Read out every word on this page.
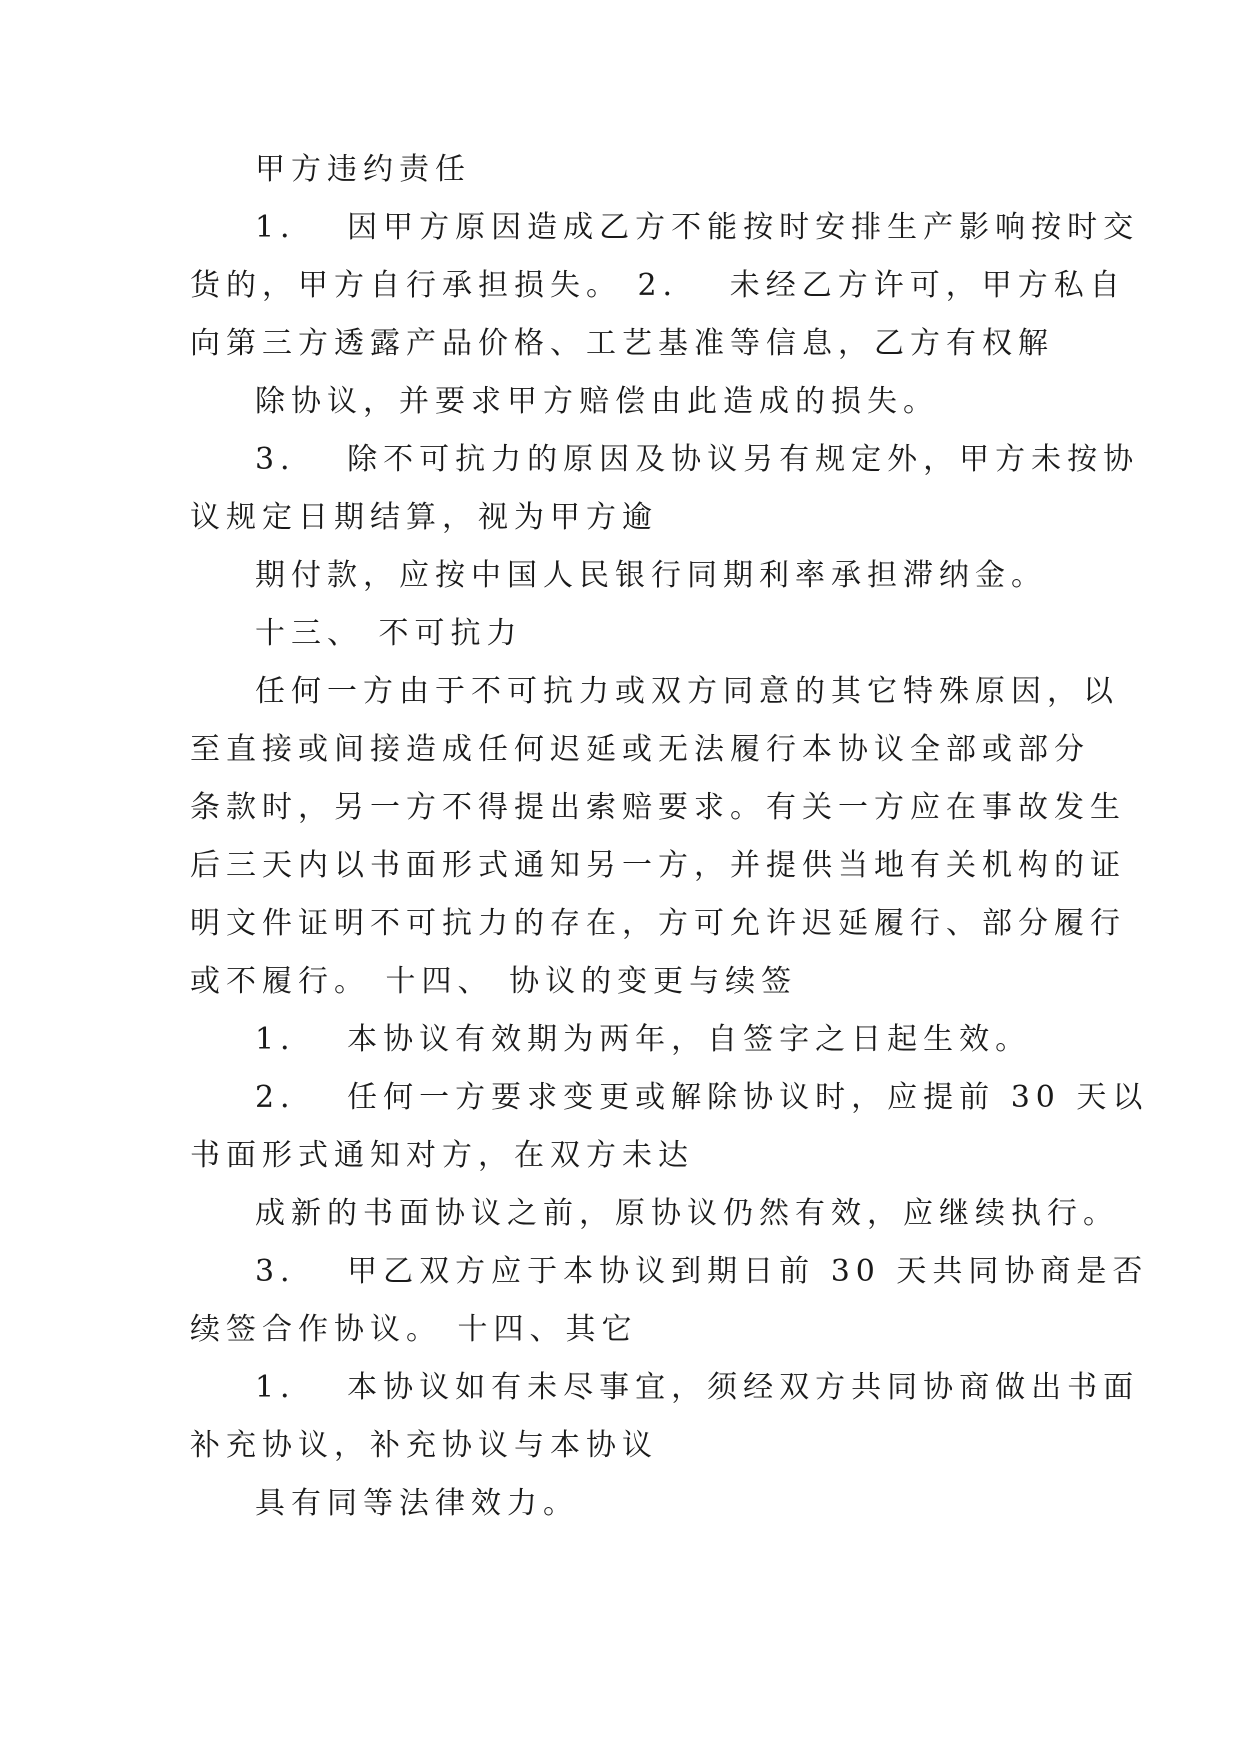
甲方违约责任
1．  因甲方原因造成乙方不能按时安排生产影响按时交
货的，甲方自行承担损失。 2．  未经乙方许可，甲方私自
向第三方透露产品价格、工艺基准等信息，乙方有权解
除协议，并要求甲方赔偿由此造成的损失。
3．  除不可抗力的原因及协议另有规定外，甲方未按协
议规定日期结算，视为甲方逾
期付款，应按中国人民银行同期利率承担滞纳金。
十三、 不可抗力
任何一方由于不可抗力或双方同意的其它特殊原因，以
至直接或间接造成任何迟延或无法履行本协议全部或部分
条款时，另一方不得提出索赔要求。有关一方应在事故发生
后三天内以书面形式通知另一方，并提供当地有关机构的证
明文件证明不可抗力的存在，方可允许迟延履行、部分履行
或不履行。 十四、 协议的变更与续签
1．  本协议有效期为两年，自签字之日起生效。
2．  任何一方要求变更或解除协议时，应提前 30 天以
书面形式通知对方，在双方未达
成新的书面协议之前，原协议仍然有效，应继续执行。
3．  甲乙双方应于本协议到期日前 30 天共同协商是否
续签合作协议。 十四、其它
1．  本协议如有未尽事宜，须经双方共同协商做出书面
补充协议，补充协议与本协议
具有同等法律效力。
